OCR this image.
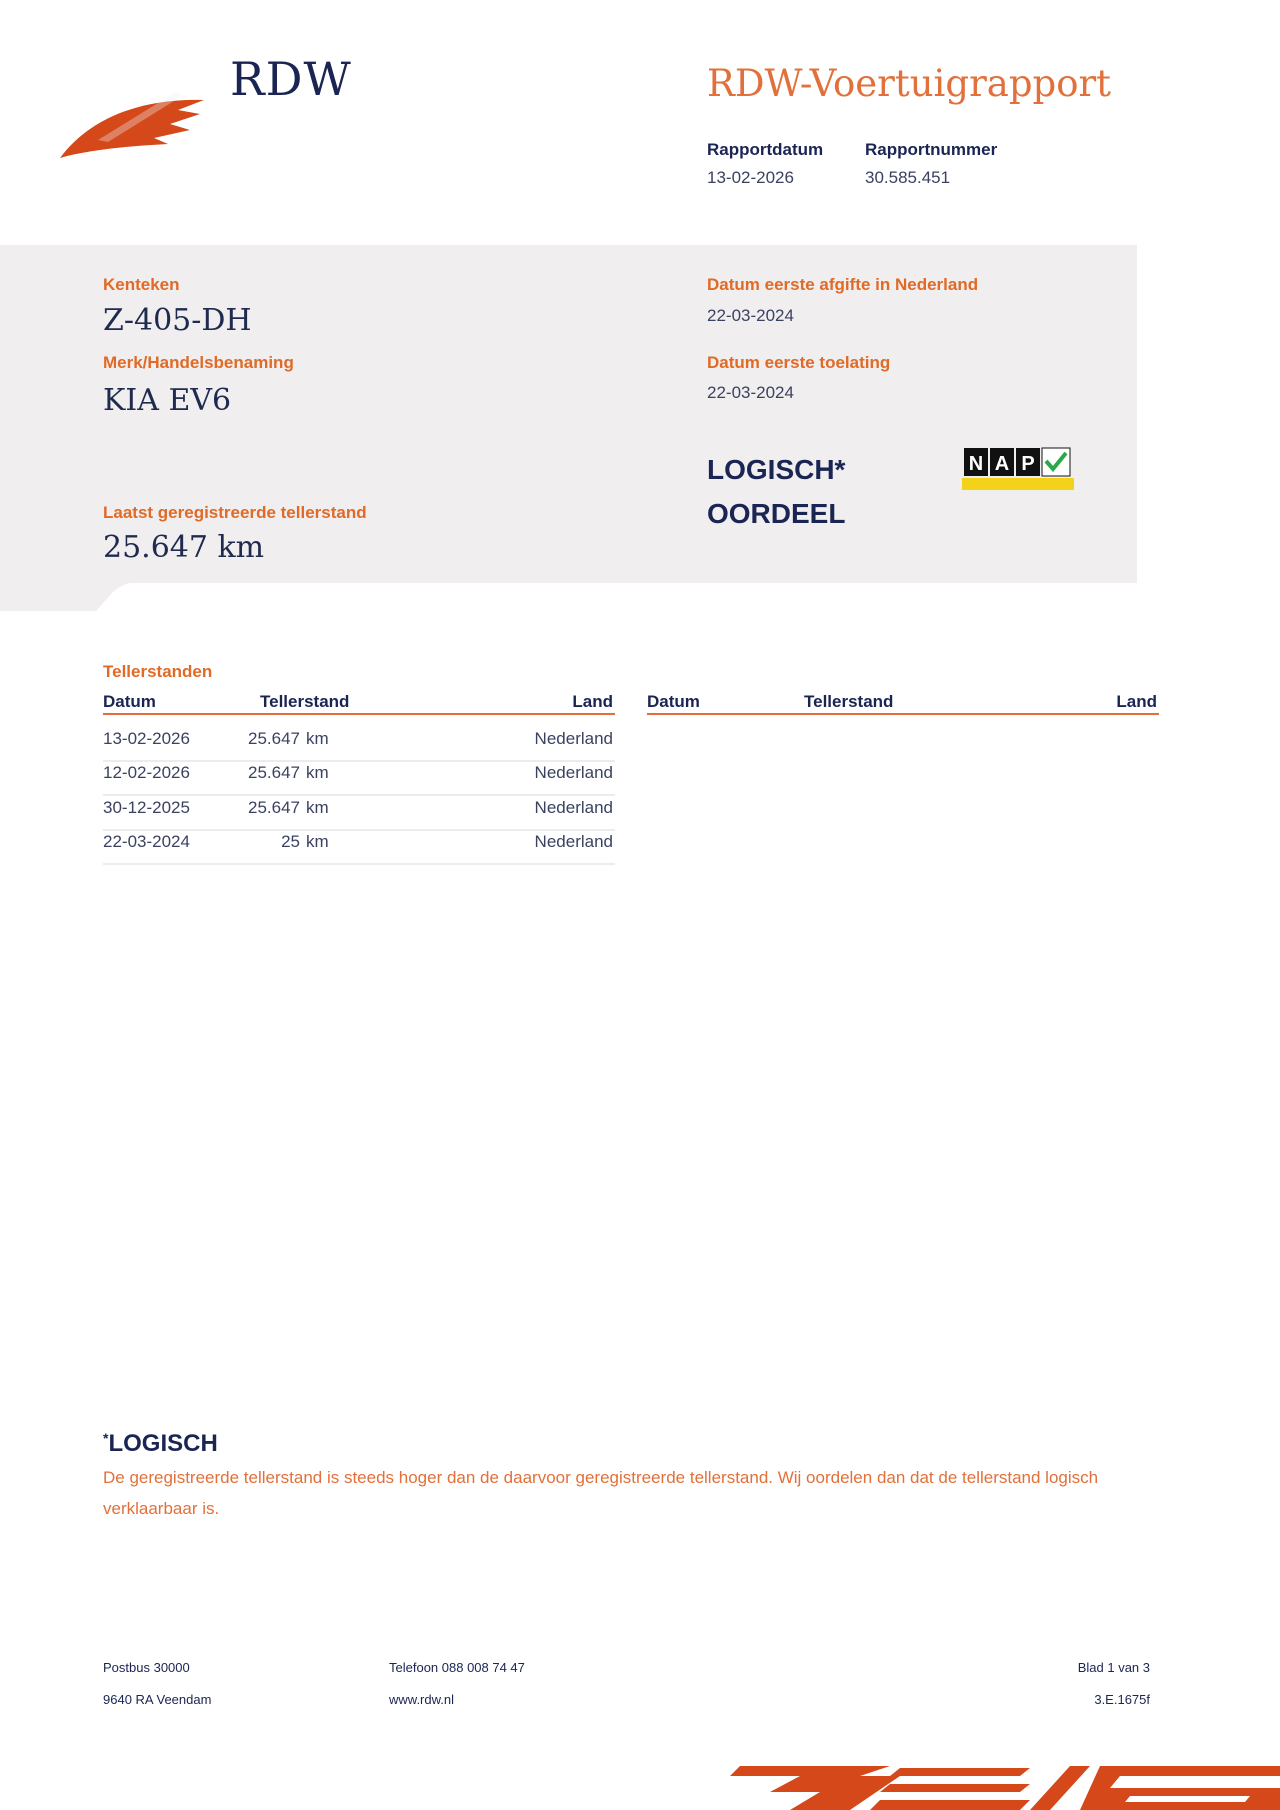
RDW	RDW-Voertuigrapport
Rapportdatum
13-02-2026
Rapportnummer
30.585.451
Kenteken
Z-405-DH
Merk/Handelsbenaming
KIA EV6
Laatst geregistreerde tellerstand
25.647 km
Datum eerste afgifte in Nederland
22-03-2024
Datum eerste toelating
22-03-2024
LOGISCH*
OORDEEL
N A P
Tellerstanden
Datum	Tellerstand	Land Datum	Tellerstand	Land
13-02-2026	25.647 km	Nederland
12-02-2026	25.647 km	Nederland
30-12-2025	25.647 km	Nederland
22-03-2024	25 km	Nederland
*LOGISCH
De geregistreerde tellerstand is steeds hoger dan de daarvoor geregistreerde tellerstand. Wij oordelen dan dat de tellerstand logisch verklaarbaar is.
Postbus 30000
9640 RA Veendam
Telefoon 088 008 74 47
www.rdw.nl
Blad 1 van 3
3.E.1675f
